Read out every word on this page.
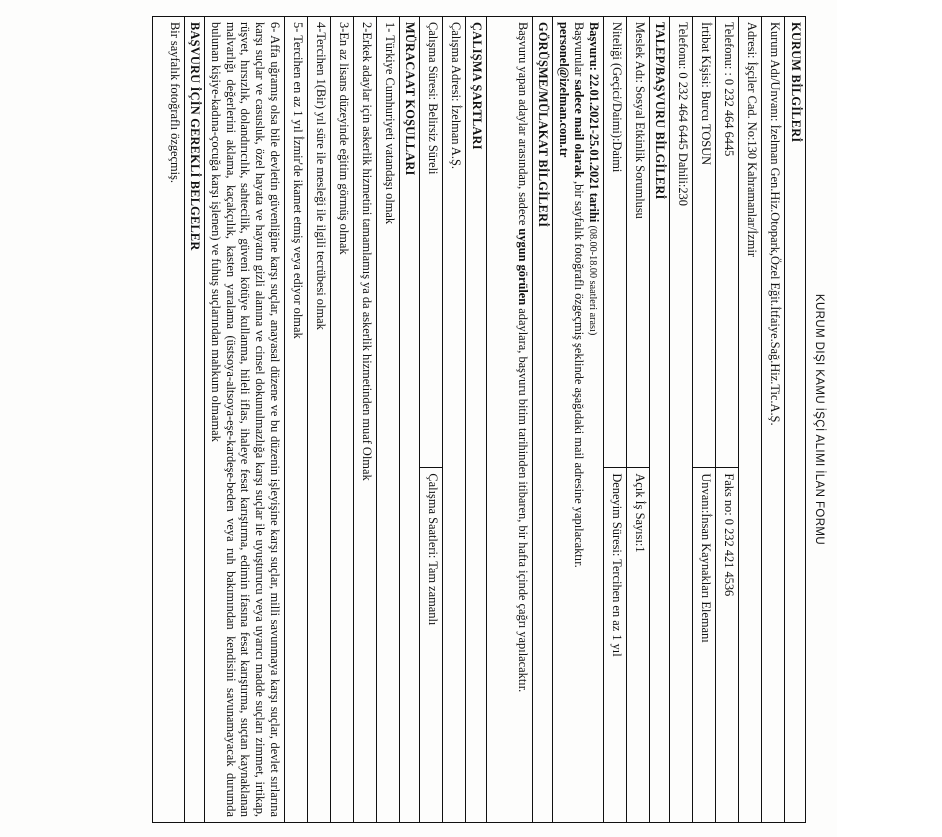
KURUM DIŞI KAMU İŞÇİ ALIMI İLAN FORMU
KURUM BİLGİLERİ	
Kurum Adı/Unvanı: İzelman Gen.Hiz.Otopark,Özel Eğit.İtfaiye.Sağ.Hiz.Tic.A.Ş.	
Adresi: İşçiler Cad. No:130 Kahramanlar/İzmir	
Telefonu: : 0 232 464 6445	Faks no: 0 232 421 4536
İrtibat Kişisi: Burcu TOSUN	Unvanı:İnsan Kaynakları Elemanı
Telefonu: 0 232 464 6445 Dahili:230	
TALEP/BAŞVURU BİLGİLERİ	
Meslek Adı: Sosyal Etkinlik Sorumlusu	Açık İş Sayısı:1
Niteliği (Geçici/Daimi):Daimi	Deneyim Süresi: Tercihen en az 1 yıl

Başvuru: 22.01.2021-25.01.2021 tarihi (08.00-18.00 saatleri arası)
Başvurular sadece mail olarak ,bir sayfalık fotoğraflı özgeçmiş şeklinde aşağıdaki mail adresine yapılacaktır.
personel@izelman.com.tr	

GÖRÜŞME/MÜLAKAT BİLGİLERİ	
Başvuru yapan adaylar arasından, sadece uygun görülen adaylara, başvuru bitim tarihinden itibaren, bir hafta içinde çağrı yapılacaktır.	
ÇALIŞMA ŞARTLARI	
Çalışma Adresi: İzelman A.Ş.	
Çalışma Süresi: Belirsiz Süreli	Çalışma Saatleri: Tam zamanlı
MÜRACAAT KOŞULLARI	
1- Türkiye Cumhuriyeti vatandaşı olmak	
2-Erkek adaylar için askerlik hizmetini tamamlamış ya da askerlik hizmetinden muaf Olmak	
3-En az lisans düzeyinde eğitim görmüş olmak	
4-Tercihen 1(Bir) yıl süre ile mesleği ile ilgili tecrübesi olmak	
5- Tercihen en az 1 yıl İzmir'de ikamet etmiş veya ediyor olmak	
6- Affa uğramış olsa bile devletin güvenliğine karşı suçlar, anayasal düzene ve bu düzenin işleyişine karşı suçlar, milli savunmaya karşı suçlar, devlet sırlarına karşı suçlar ve casusluk, özel hayata ve hayatın gizli alanına ve cinsel dokunulmazlığa karşı suçlar ile uyuşturucu veya uyarıcı madde suçları zimmet, irtikap, rüşvet, hırsızlık, dolandırıcılık, sahtecilik, güveni kötüye kullanma, hileli iflas, ihaleye fesat karıştırma, edimin ifasına fesat karıştırma, suçtan kaynaklanan malvarlığı değerlerini aklama, kaçakçılık, kasten yaralama (üstsoya-altsoya-eşe-kardeşe-beden veya ruh bakımından kendisini savunamayacak durumda bulunan kişiye-kadına-çocuğa karşı işlenen) ve fuhuş suçlarından mahkum olmamak	
BAŞVURU İÇİN GEREKLİ BELGELER	
Bir sayfalık fotoğraflı özgeçmiş.	
